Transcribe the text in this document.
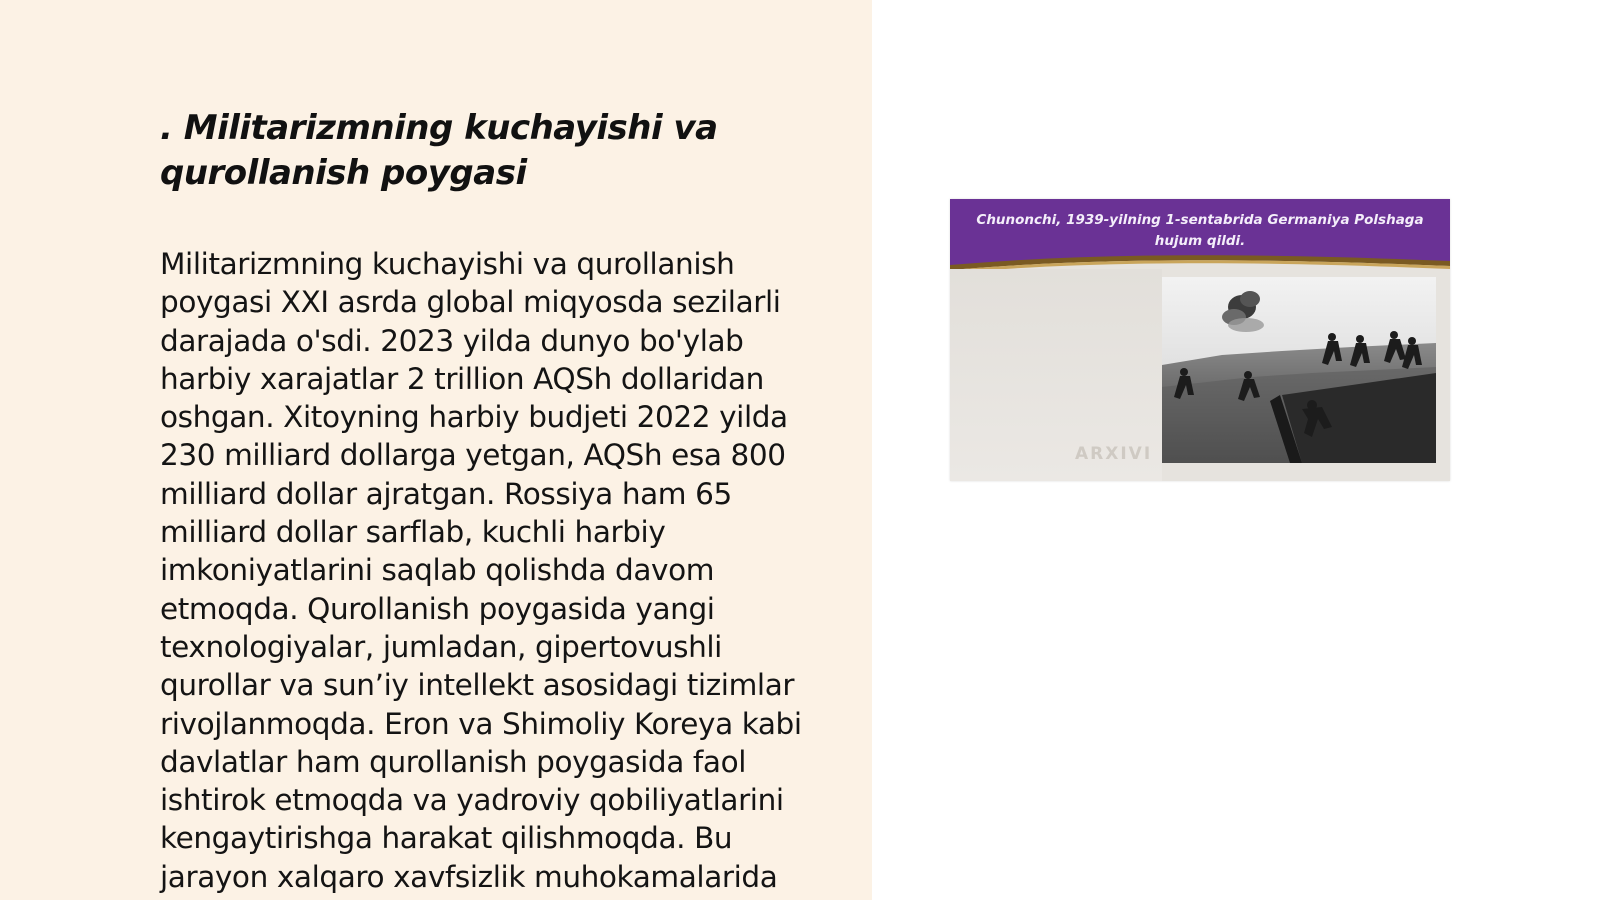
. Militarizmning kuchayishi va qurollanish poygasi

Militarizmning kuchayishi va qurollanish poygasi XXI asrda global miqyosda sezilarli darajada o'sdi. 2023 yilda dunyo bo'ylab harbiy xarajatlar 2 trillion AQSh dollaridan oshgan. Xitoyning harbiy budjeti 2022 yilda 230 milliard dollarga yetgan, AQSh esa 800 milliard dollar ajratgan. Rossiya ham 65 milliard dollar sarflab, kuchli harbiy imkoniyatlarini saqlab qolishda davom etmoqda. Qurollanish poygasida yangi texnologiyalar, jumladan, gipertovushli qurollar va sun’iy intellekt asosidagi tizimlar rivojlanmoqda. Eron va Shimoliy Koreya kabi davlatlar ham qurollanish poygasida faol ishtirok etmoqda va yadroviy qobiliyatlarini kengaytirishga harakat qilishmoqda. Bu jarayon xalqaro xavfsizlik muhokamalarida

Chunonchi, 1939-yilning 1-sentabrida Germaniya Polshaga hujum qildi.

ARXIVI
